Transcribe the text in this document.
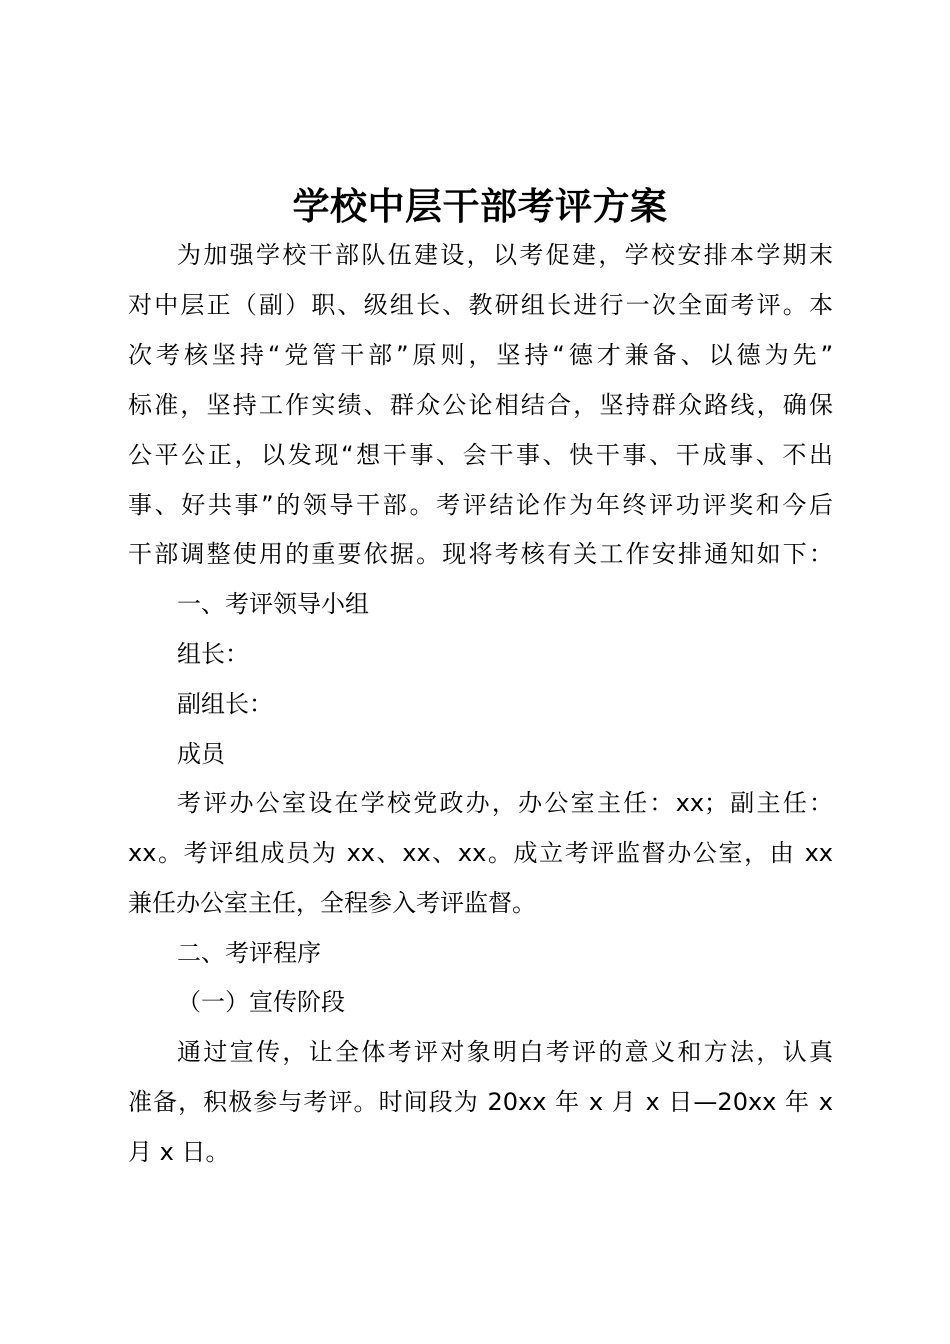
学校中层干部考评方案
为加强学校干部队伍建设，以考促建，学校安排本学期末
对中层正（副）职、级组长、教研组长进行一次全面考评。本
次考核坚持“党管干部”原则，坚持“德才兼备、以德为先”
标准，坚持工作实绩、群众公论相结合，坚持群众路线，确保
公平公正，以发现“想干事、会干事、快干事、干成事、不出
事、好共事”的领导干部。考评结论作为年终评功评奖和今后
干部调整使用的重要依据。现将考核有关工作安排通知如下：
一、考评领导小组
组长：
副组长：
成员
考评办公室设在学校党政办，办公室主任：xx；副主任：
xx。考评组成员为 xx、xx、xx。成立考评监督办公室，由 xx
兼任办公室主任，全程参入考评监督。
二、考评程序
（一）宣传阶段
通过宣传，让全体考评对象明白考评的意义和方法，认真
准备，积极参与考评。时间段为 20xx 年 x 月 x 日—20xx 年 x
月 x 日。
